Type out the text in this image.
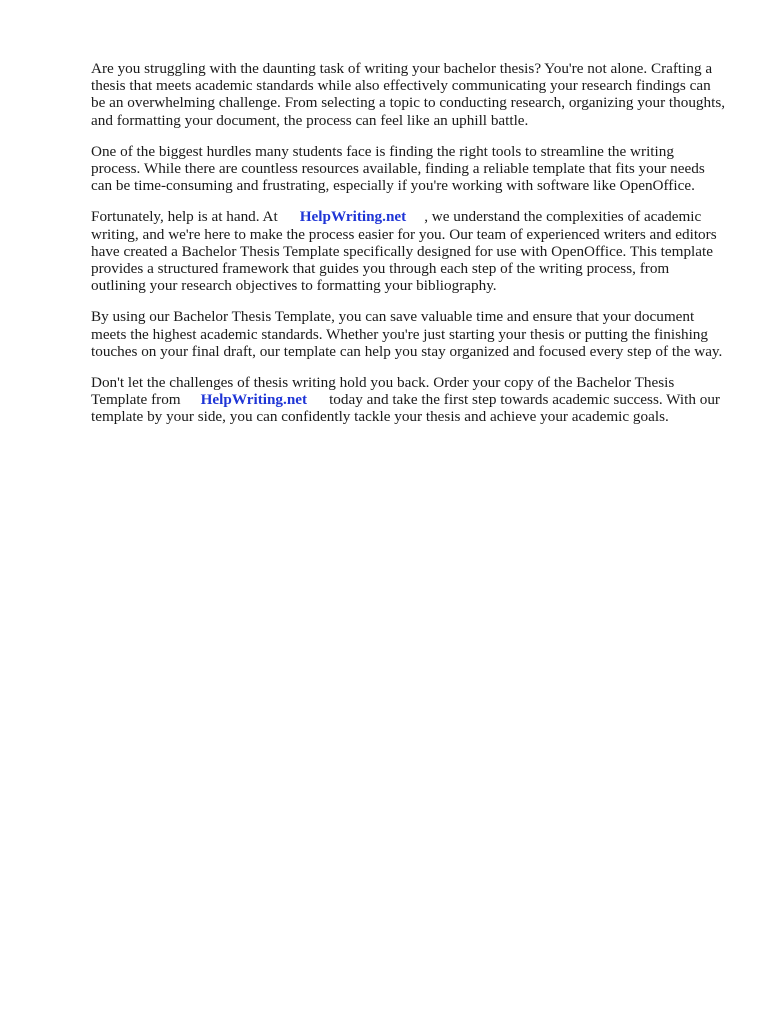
Are you struggling with the daunting task of writing your bachelor thesis? You're not alone. Crafting a thesis that meets academic standards while also effectively communicating your research findings can be an overwhelming challenge. From selecting a topic to conducting research, organizing your thoughts, and formatting your document, the process can feel like an uphill battle.

One of the biggest hurdles many students face is finding the right tools to streamline the writing process. While there are countless resources available, finding a reliable template that fits your needs can be time-consuming and frustrating, especially if you're working with software like OpenOffice.

Fortunately, help is at hand. At HelpWriting.net , we understand the complexities of academic writing, and we're here to make the process easier for you. Our team of experienced writers and editors have created a Bachelor Thesis Template specifically designed for use with OpenOffice. This template provides a structured framework that guides you through each step of the writing process, from outlining your research objectives to formatting your bibliography.

By using our Bachelor Thesis Template, you can save valuable time and ensure that your document meets the highest academic standards. Whether you're just starting your thesis or putting the finishing touches on your final draft, our template can help you stay organized and focused every step of the way.

Don't let the challenges of thesis writing hold you back. Order your copy of the Bachelor Thesis Template from HelpWriting.net today and take the first step towards academic success. With our template by your side, you can confidently tackle your thesis and achieve your academic goals.
